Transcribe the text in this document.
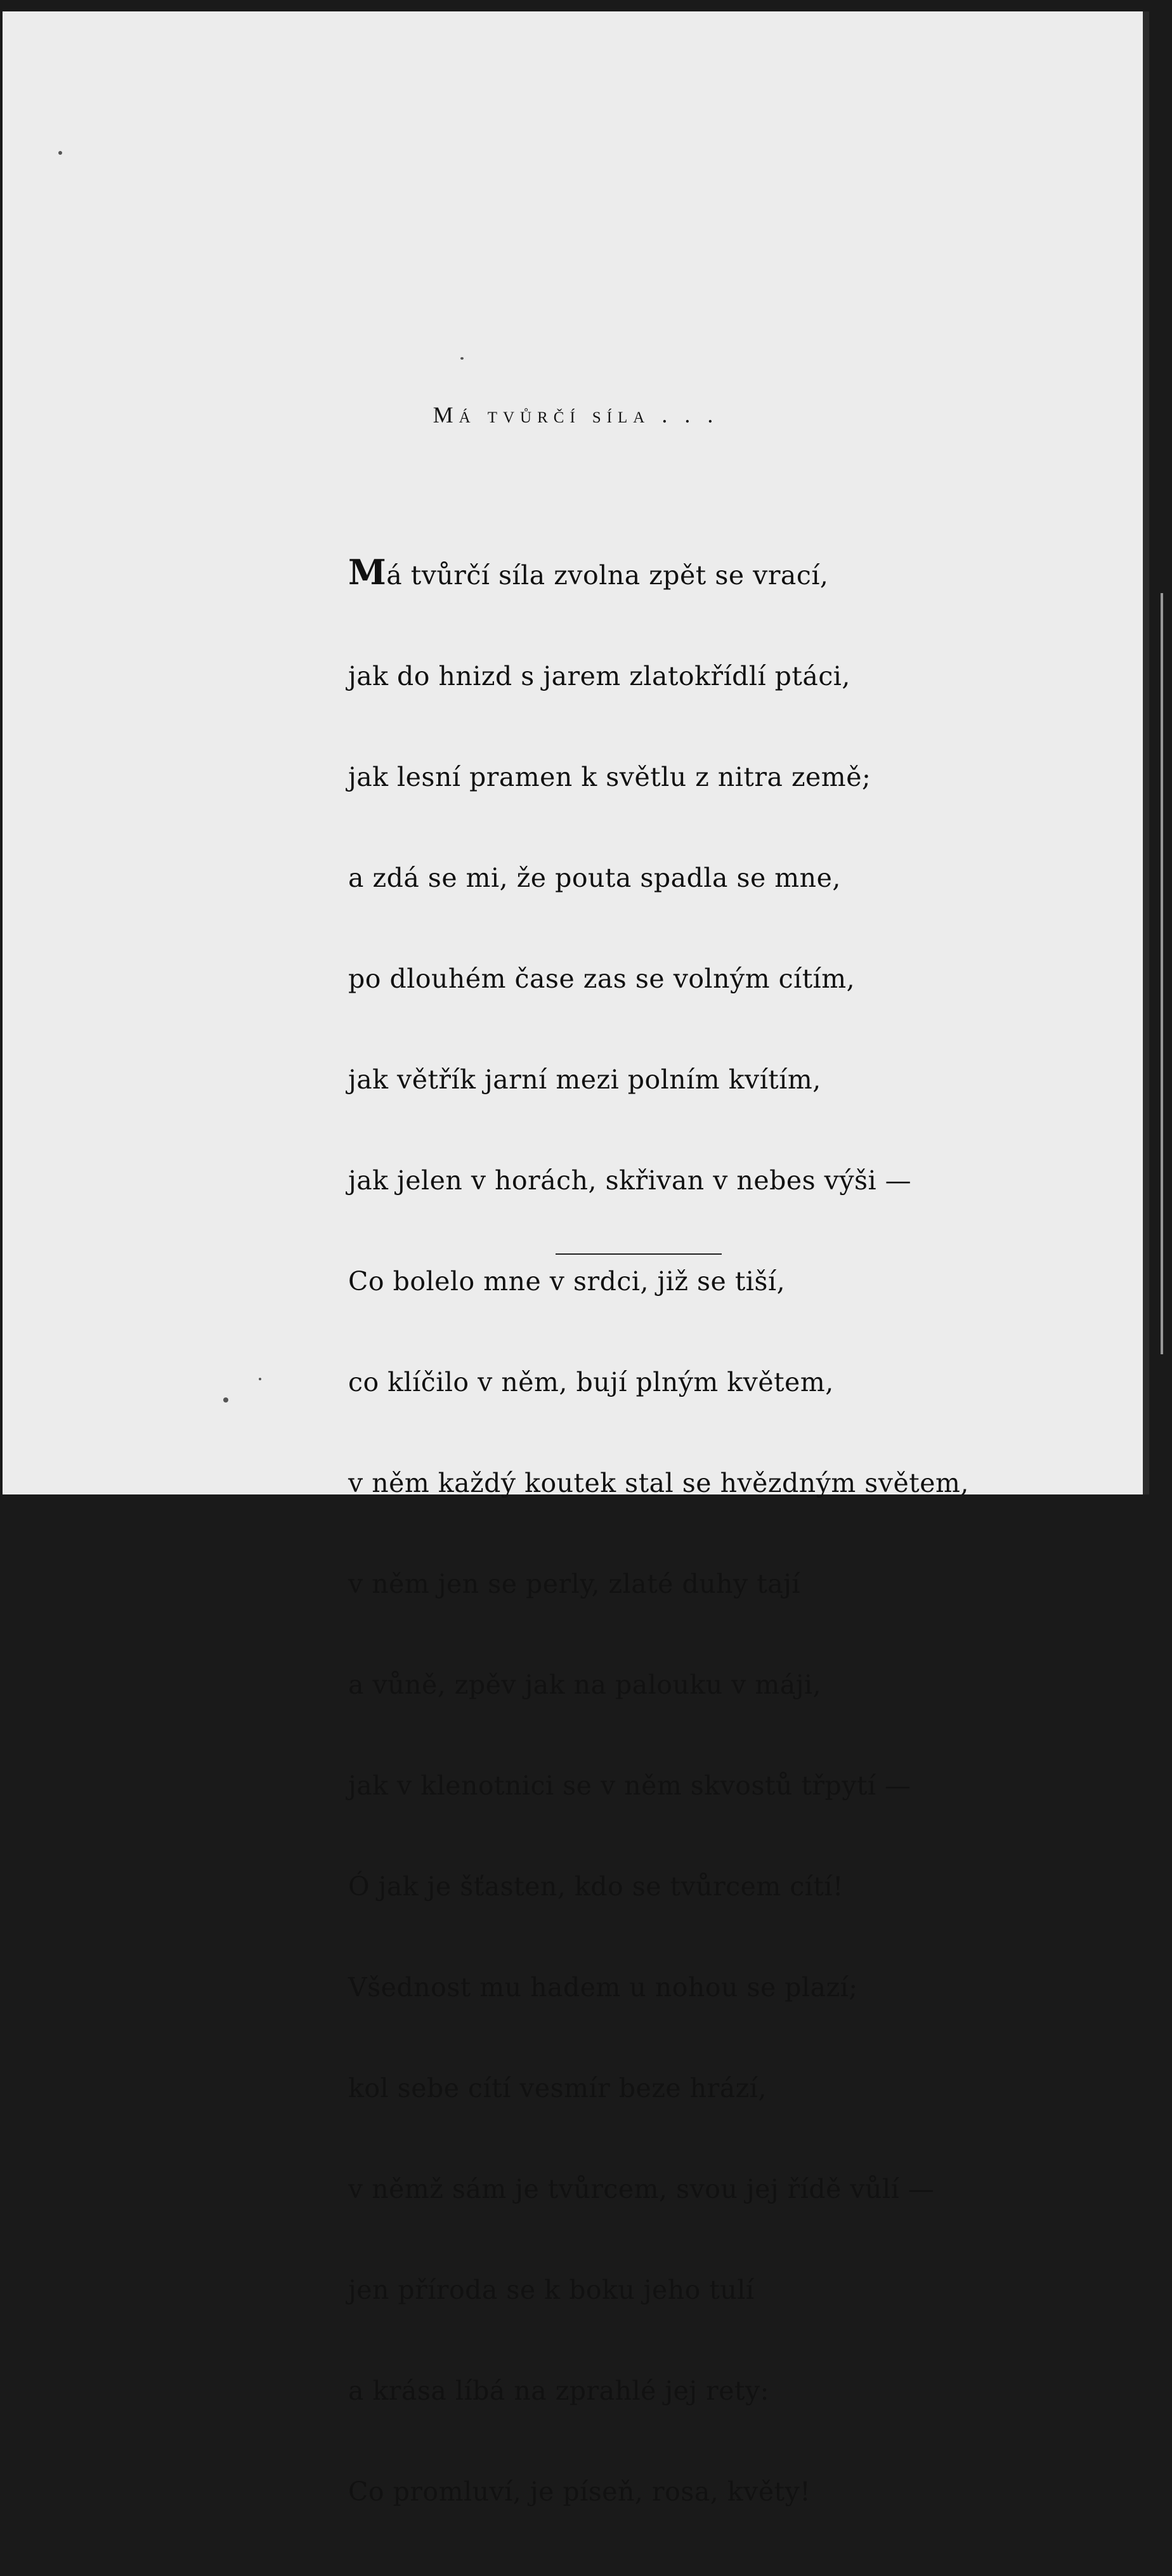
Má tvůrčí síla . . .

Má tvůrčí síla zvolna zpět se vrací,

jak do hnizd s jarem zlatokřídlí ptáci,

jak lesní pramen k světlu z nitra země;

a zdá se mi, že pouta spadla se mne,

po dlouhém čase zas se volným cítím,

jak větřík jarní mezi polním kvítím,

jak jelen v horách, skřivan v nebes výši —

Co bolelo mne v srdci, již se tiší,

co klíčilo v něm, bují plným květem,

v něm každý koutek stal se hvězdným světem,

v něm jen se perly, zlaté duhy tají

a vůně, zpěv jak na palouku v máji,

jak v klenotnici se v něm skvostů třpytí —

Ó jak je šťasten, kdo se tvůrcem cítí!

Všednost mu hadem u nohou se plazí;

kol sebe cítí vesmír beze hrází,

v němž sám je tvůrcem, svou jej řídě vůlí —

jen příroda se k boku jeho tulí

a krása líbá na zprahlé jej rety:

Co promluví, je píseň, rosa, květy!
